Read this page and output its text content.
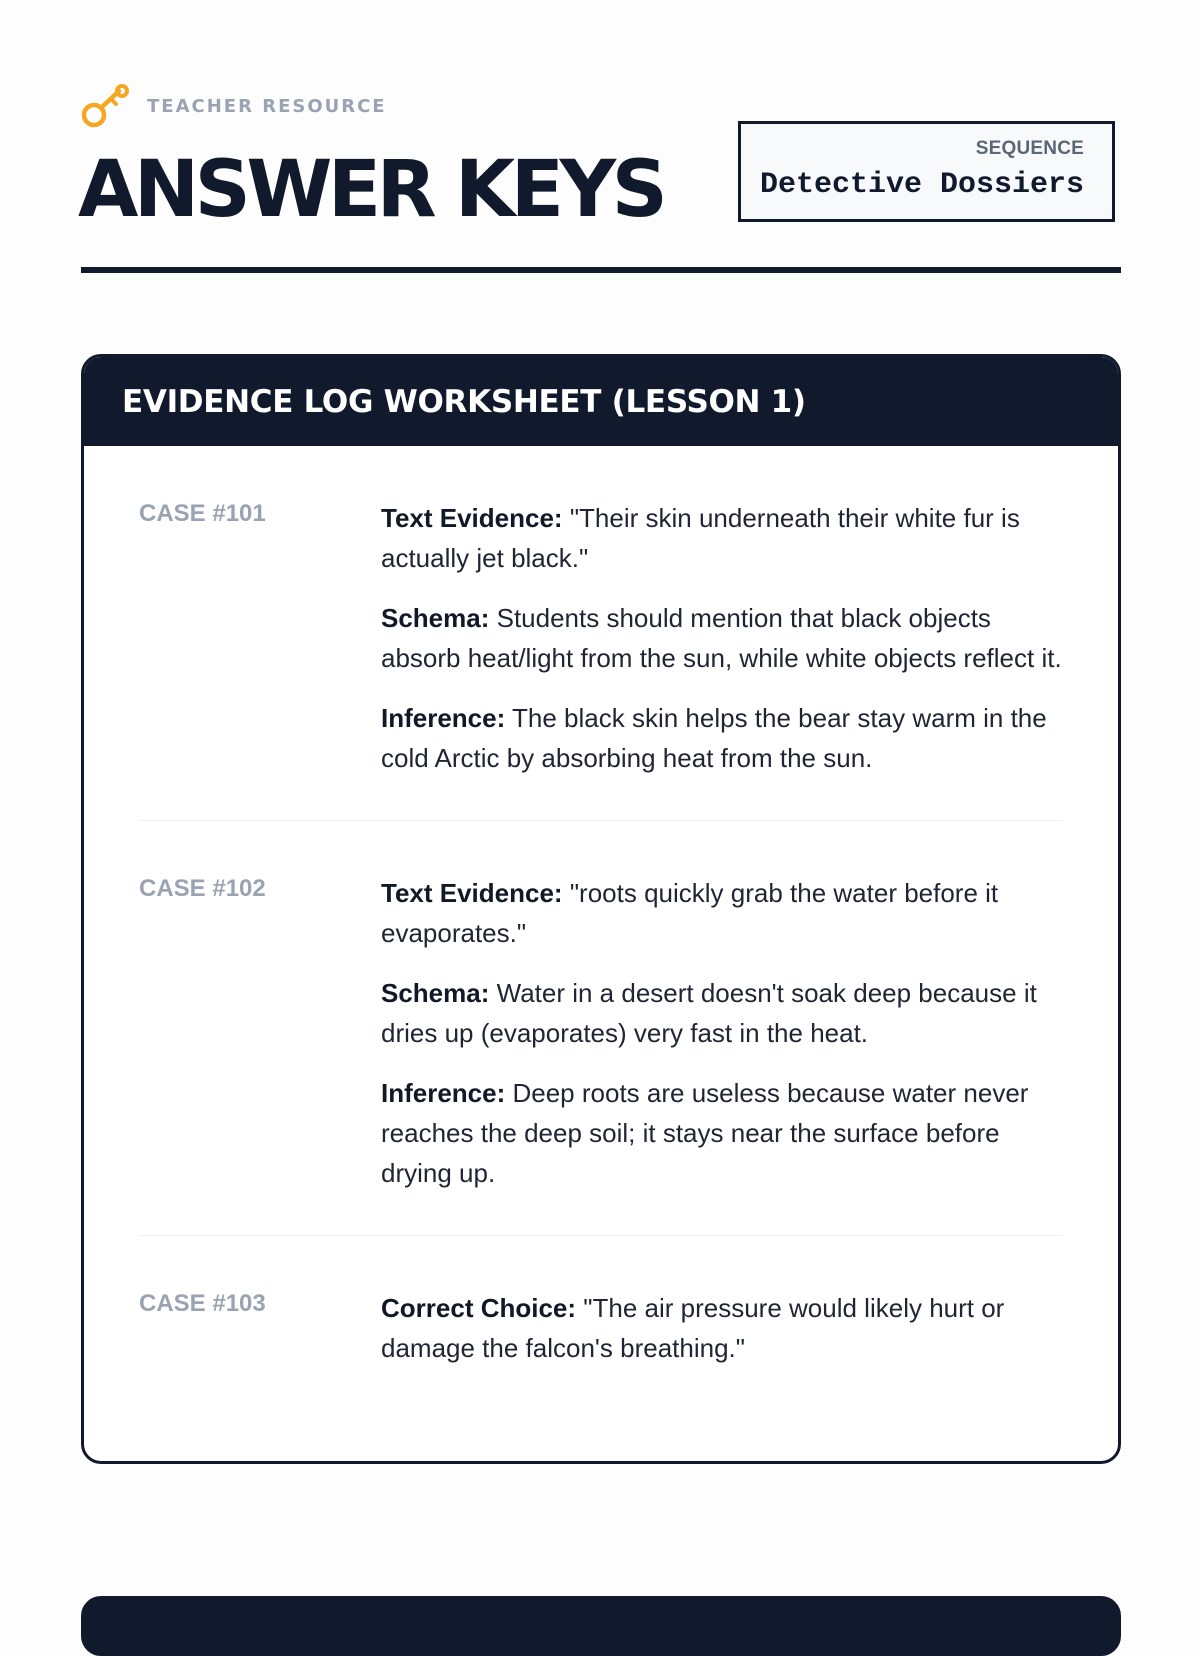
TEACHER RESOURCE
ANSWER KEYS	SEQUENCE
Detective Dossiers
EVIDENCE LOG WORKSHEET (LESSON 1)
CASE #101	Text Evidence: "Their skin underneath their white fur is actually jet black."

Schema: Students should mention that black objects absorb heat/light from the sun, while white objects reflect it.

Inference: The black skin helps the bear stay warm in the cold Arctic by absorbing heat from the sun.

CASE #102	Text Evidence: "roots quickly grab the water before it evaporates."

Schema: Water in a desert doesn't soak deep because it dries up (evaporates) very fast in the heat.

Inference: Deep roots are useless because water never reaches the deep soil; it stays near the surface before drying up.

CASE #103	Correct Choice: "The air pressure would likely hurt or damage the falcon's breathing."
